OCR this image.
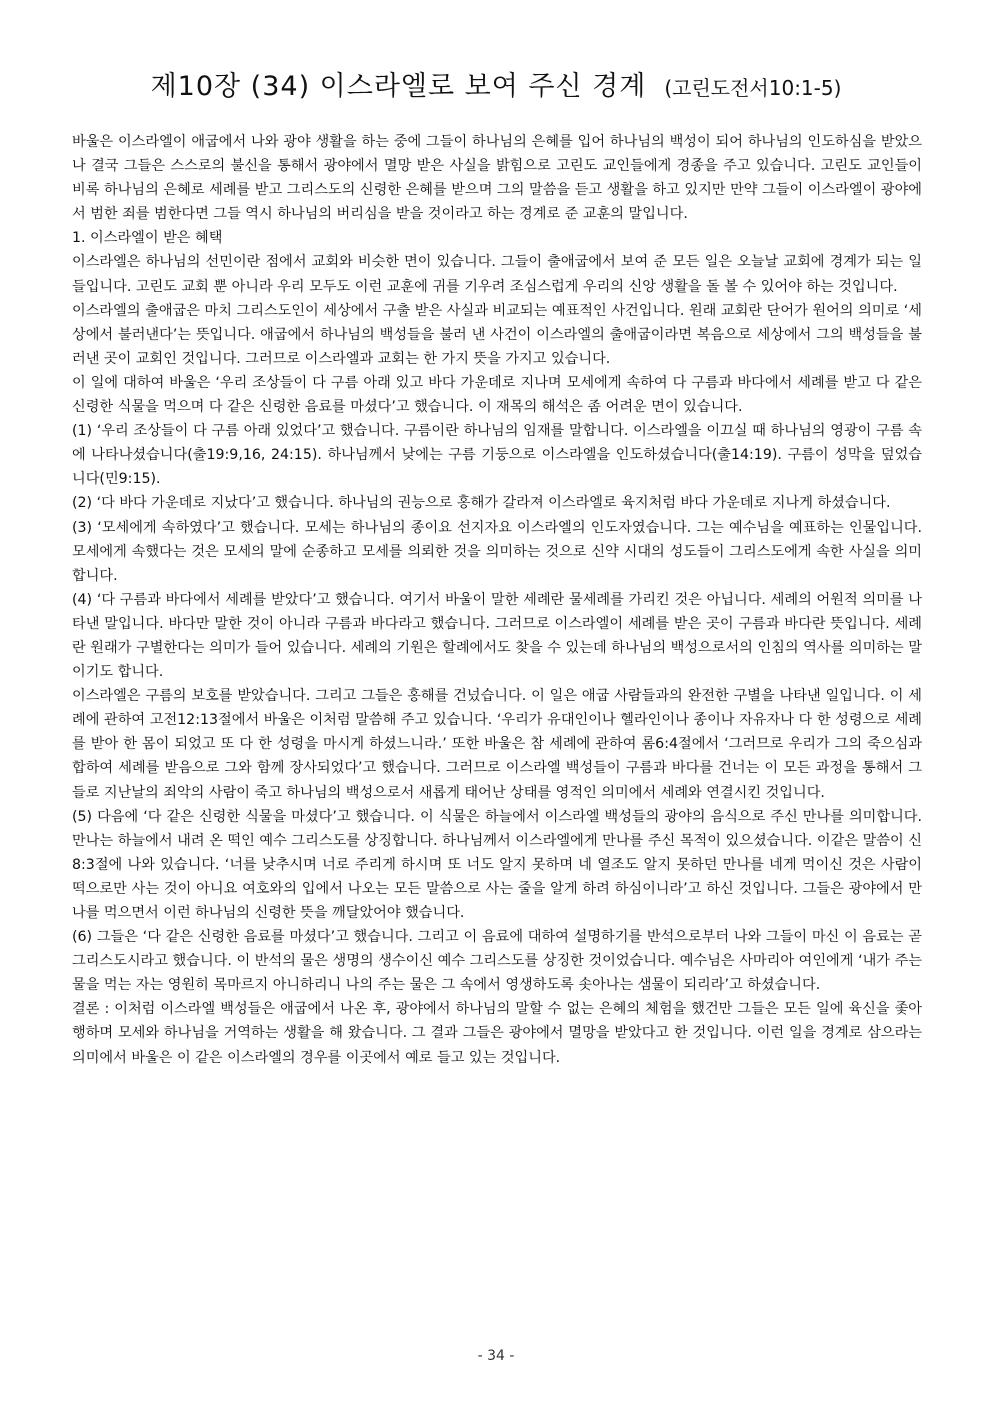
제10장 (34) 이스라엘로 보여 주신 경계 (고린도전서10:1-5)

바울은 이스라엘이 애굽에서 나와 광야 생활을 하는 중에 그들이 하나님의 은혜를 입어 하나님의 백성이 되어 하나님의 인도하심을 받았으나 결국 그들은 스스로의 불신을 통해서 광야에서 멸망 받은 사실을 밝힘으로 고린도 교인들에게 경종을 주고 있습니다. 고린도 교인들이 비록 하나님의 은혜로 세례를 받고 그리스도의 신령한 은혜를 받으며 그의 말씀을 듣고 생활을 하고 있지만 만약 그들이 이스라엘이 광야에서 범한 죄를 범한다면 그들 역시 하나님의 버리심을 받을 것이라고 하는 경계로 준 교훈의 말입니다.

1. 이스라엘이 받은 혜택

이스라엘은 하나님의 선민이란 점에서 교회와 비슷한 면이 있습니다. 그들이 출애굽에서 보여 준 모든 일은 오늘날 교회에 경계가 되는 일들입니다. 고린도 교회 뿐 아니라 우리 모두도 이런 교훈에 귀를 기우려 조심스럽게 우리의 신앙 생활을 돌 볼 수 있어야 하는 것입니다.

이스라엘의 출애굽은 마치 그리스도인이 세상에서 구출 받은 사실과 비교되는 예표적인 사건입니다. 원래 교회란 단어가 원어의 의미로 ‘세상에서 불러낸다’는 뜻입니다. 애굽에서 하나님의 백성들을 불러 낸 사건이 이스라엘의 출애굽이라면 복음으로 세상에서 그의 백성들을 불러낸 곳이 교회인 것입니다. 그러므로 이스라엘과 교회는 한 가지 뜻을 가지고 있습니다.

이 일에 대하여 바울은 ‘우리 조상들이 다 구름 아래 있고 바다 가운데로 지나며 모세에게 속하여 다 구름과 바다에서 세례를 받고 다 같은 신령한 식물을 먹으며 다 같은 신령한 음료를 마셨다’고 했습니다. 이 재목의 해석은 좀 어려운 면이 있습니다.

(1) ‘우리 조상들이 다 구름 아래 있었다’고 했습니다. 구름이란 하나님의 임재를 말합니다. 이스라엘을 이끄실 때 하나님의 영광이 구름 속에 나타나셨습니다(출19:9,16, 24:15). 하나님께서 낮에는 구름 기둥으로 이스라엘을 인도하셨습니다(출14:19). 구름이 성막을 덮었습니다(민9:15).

(2) ‘다 바다 가운데로 지났다’고 했습니다. 하나님의 권능으로 홍해가 갈라져 이스라엘로 육지처럼 바다 가운데로 지나게 하셨습니다.

(3) ‘모세에게 속하였다’고 했습니다. 모세는 하나님의 종이요 선지자요 이스라엘의 인도자였습니다. 그는 예수님을 예표하는 인물입니다. 모세에게 속했다는 것은 모세의 말에 순종하고 모세를 의뢰한 것을 의미하는 것으로 신약 시대의 성도들이 그리스도에게 속한 사실을 의미합니다.

(4) ‘다 구름과 바다에서 세례를 받았다’고 했습니다. 여기서 바울이 말한 세례란 물세례를 가리킨 것은 아닙니다. 세례의 어원적 의미를 나타낸 말입니다. 바다만 말한 것이 아니라 구름과 바다라고 했습니다. 그러므로 이스라엘이 세례를 받은 곳이 구름과 바다란 뜻입니다. 세례란 원래가 구별한다는 의미가 들어 있습니다. 세례의 기원은 할례에서도 찾을 수 있는데 하나님의 백성으로서의 인침의 역사를 의미하는 말이기도 합니다.

이스라엘은 구름의 보호를 받았습니다. 그리고 그들은 홍해를 건넜습니다. 이 일은 애굽 사람들과의 완전한 구별을 나타낸 일입니다. 이 세례에 관하여 고전12:13절에서 바울은 이처럼 말씀해 주고 있습니다. ‘우리가 유대인이나 헬라인이나 종이나 자유자나 다 한 성령으로 세례를 받아 한 몸이 되었고 또 다 한 성령을 마시게 하셨느니라.’ 또한 바울은 참 세례에 관하여 롬6:4절에서 ‘그러므로 우리가 그의 죽으심과 합하여 세례를 받음으로 그와 함께 장사되었다’고 했습니다. 그러므로 이스라엘 백성들이 구름과 바다를 건너는 이 모든 과정을 통해서 그들로 지난날의 죄악의 사람이 죽고 하나님의 백성으로서 새롭게 태어난 상태를 영적인 의미에서 세례와 연결시킨 것입니다.

(5) 다음에 ‘다 같은 신령한 식물을 마셨다’고 했습니다. 이 식물은 하늘에서 이스라엘 백성들의 광야의 음식으로 주신 만나를 의미합니다. 만나는 하늘에서 내려 온 떡인 예수 그리스도를 상징합니다. 하나님께서 이스라엘에게 만나를 주신 목적이 있으셨습니다. 이같은 말씀이 신8:3절에 나와 있습니다. ‘너를 낮추시며 너로 주리게 하시며 또 너도 알지 못하며 네 열조도 알지 못하던 만나를 네게 먹이신 것은 사람이 떡으로만 사는 것이 아니요 여호와의 입에서 나오는 모든 말씀으로 사는 줄을 알게 하려 하심이니라’고 하신 것입니다. 그들은 광야에서 만나를 먹으면서 이런 하나님의 신령한 뜻을 깨달았어야 했습니다.

(6) 그들은 ‘다 같은 신령한 음료를 마셨다’고 했습니다. 그리고 이 음료에 대하여 설명하기를 반석으로부터 나와 그들이 마신 이 음료는 곧 그리스도시라고 했습니다. 이 반석의 물은 생명의 생수이신 예수 그리스도를 상징한 것이었습니다. 예수님은 사마리아 여인에게 ‘내가 주는 물을 먹는 자는 영원히 목마르지 아니하리니 나의 주는 물은 그 속에서 영생하도록 솟아나는 샘물이 되리라’고 하셨습니다.

결론 : 이처럼 이스라엘 백성들은 애굽에서 나온 후, 광야에서 하나님의 말할 수 없는 은혜의 체험을 했건만 그들은 모든 일에 육신을 좇아 행하며 모세와 하나님을 거역하는 생활을 해 왔습니다. 그 결과 그들은 광야에서 멸망을 받았다고 한 것입니다. 이런 일을 경계로 삼으라는 의미에서 바울은 이 같은 이스라엘의 경우를 이곳에서 예로 들고 있는 것입니다.

- 34 -
